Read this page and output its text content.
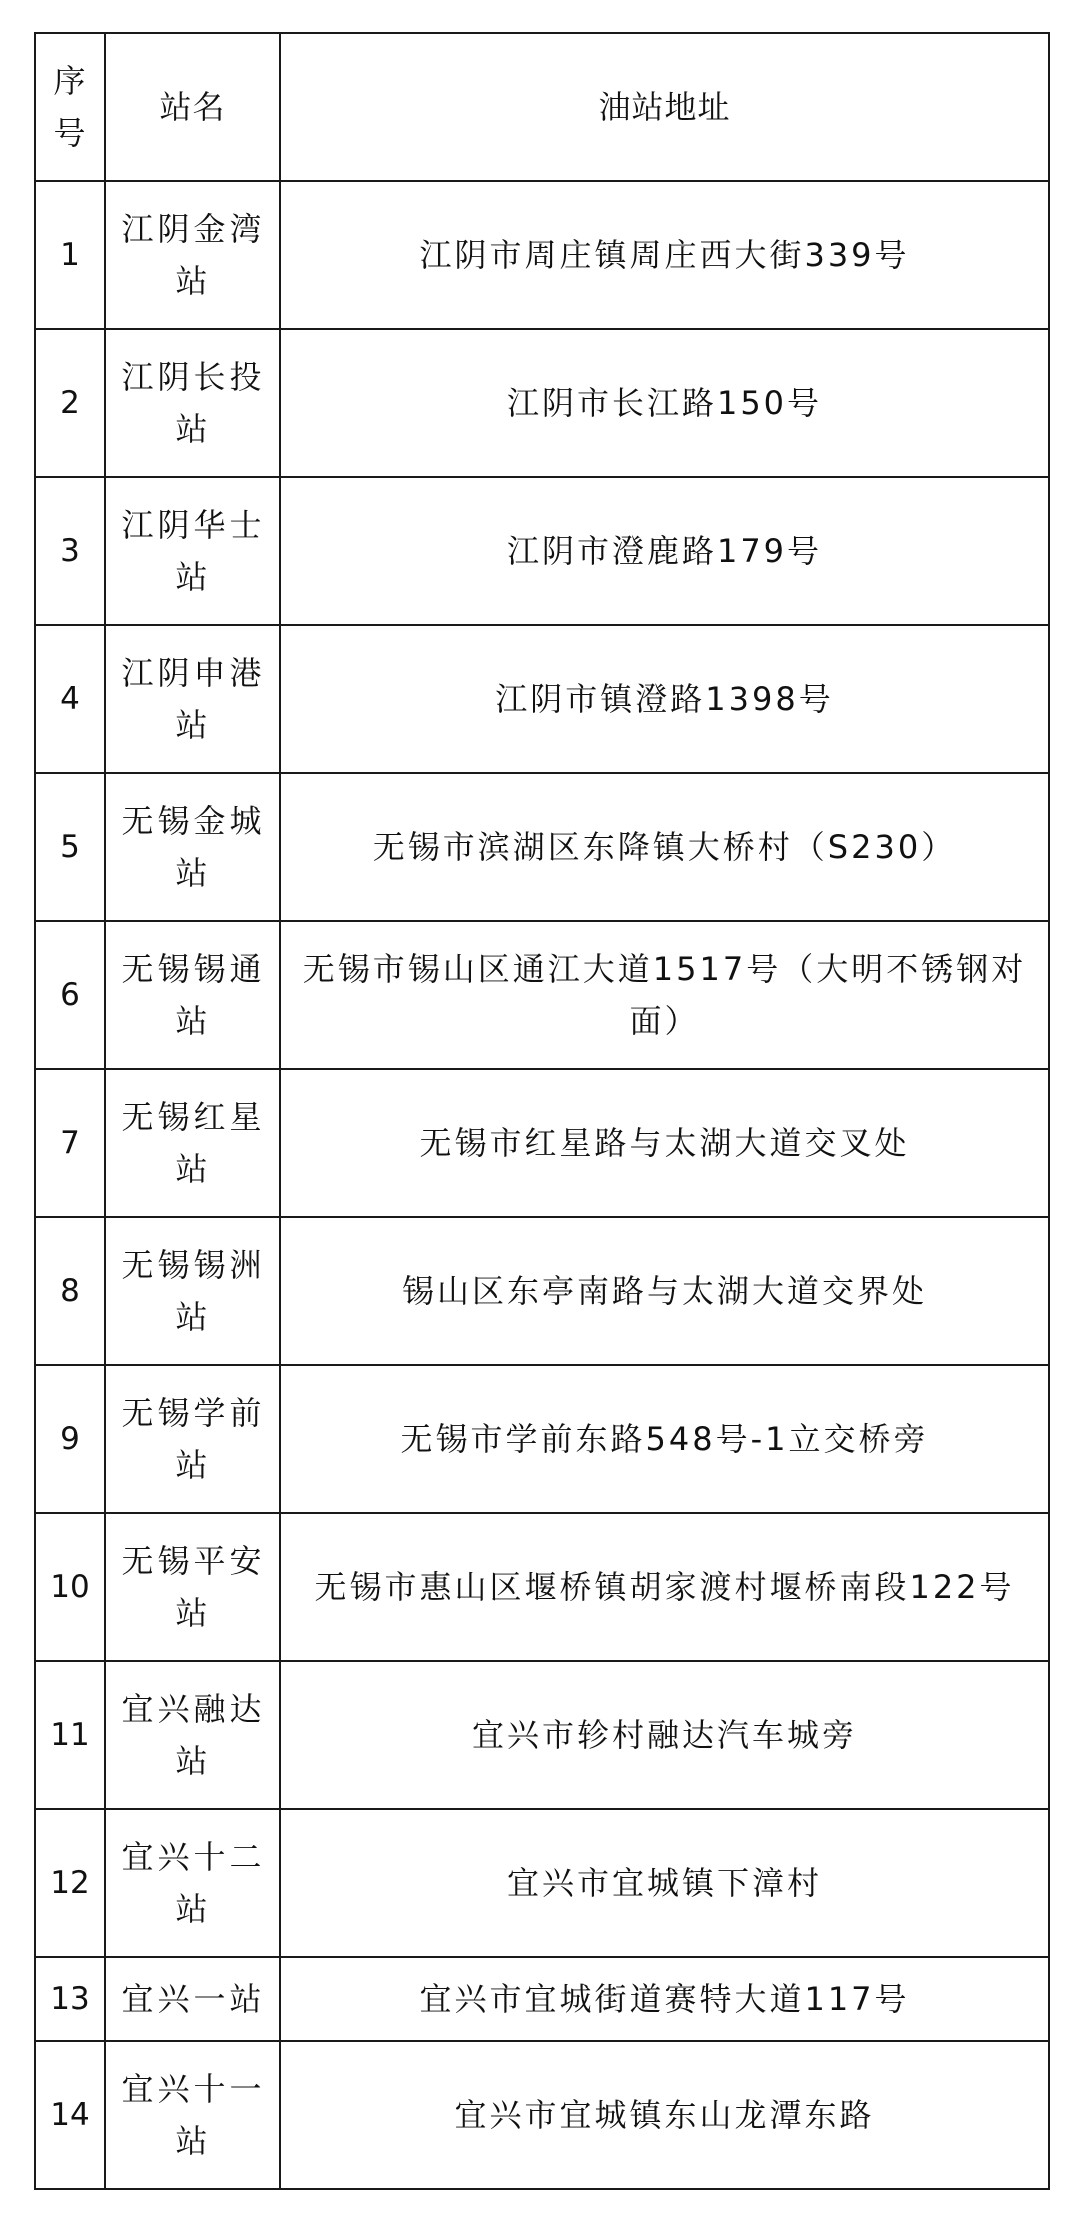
序号	站名	油站地址
1	江阴金湾站	江阴市周庄镇周庄西大街339号
2	江阴长投站	江阴市长江路150号
3	江阴华士站	江阴市澄鹿路179号
4	江阴申港站	江阴市镇澄路1398号
5	无锡金城站	无锡市滨湖区东降镇大桥村（S230）
6	无锡锡通站	无锡市锡山区通江大道1517号（大明不锈钢对面）
7	无锡红星站	无锡市红星路与太湖大道交叉处
8	无锡锡洲站	锡山区东亭南路与太湖大道交界处
9	无锡学前站	无锡市学前东路548号-1立交桥旁
10	无锡平安站	无锡市惠山区堰桥镇胡家渡村堰桥南段122号
11	宜兴融达站	宜兴市轸村融达汽车城旁
12	宜兴十二站	宜兴市宜城镇下漳村
13	宜兴一站	宜兴市宜城街道赛特大道117号
14	宜兴十一站	宜兴市宜城镇东山龙潭东路
